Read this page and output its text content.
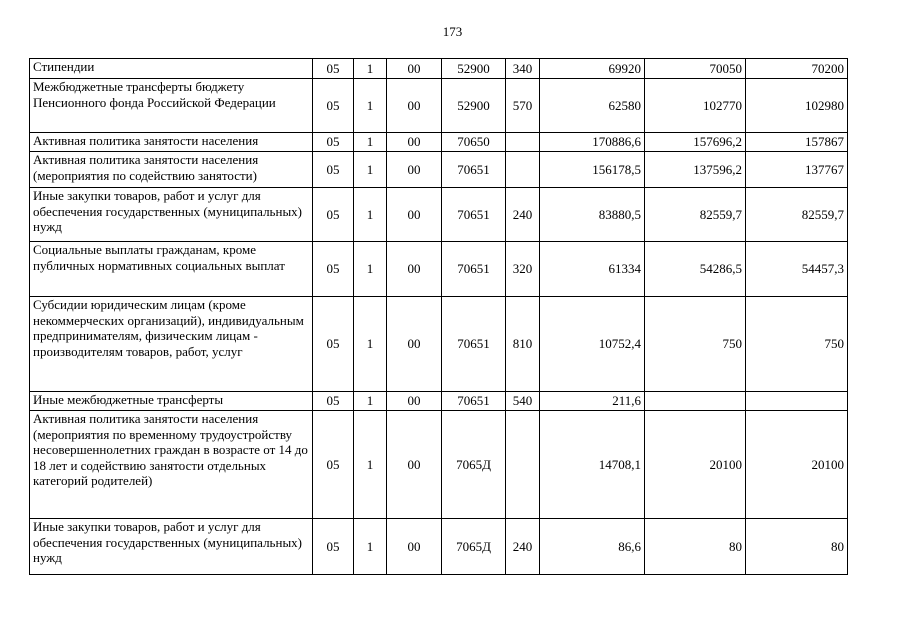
173
Стипендии	05	1	00	52900	340	69920	70050	70200
Межбюджетные трансферты бюджету Пенсионного фонда Российской Федерации	05	1	00	52900	570	62580	102770	102980
Активная политика занятости населения	05	1	00	70650		170886,6	157696,2	157867
Активная политика занятости населения (мероприятия по содействию занятости)	05	1	00	70651		156178,5	137596,2	137767
Иные закупки товаров, работ и услуг для обеспечения государственных (муниципальных) нужд	05	1	00	70651	240	83880,5	82559,7	82559,7
Социальные выплаты гражданам, кроме публичных нормативных социальных выплат	05	1	00	70651	320	61334	54286,5	54457,3
Субсидии юридическим лицам (кроме некоммерческих организаций), индивидуальным предпринимателям, физическим лицам - производителям товаров, работ, услуг	05	1	00	70651	810	10752,4	750	750
Иные межбюджетные трансферты	05	1	00	70651	540	211,6		
Активная политика занятости населения (мероприятия по временному трудоустройству несовершеннолетних граждан в возрасте от 14 до 18 лет и содействию занятости отдельных категорий родителей)	05	1	00	7065Д		14708,1	20100	20100
Иные закупки товаров, работ и услуг для обеспечения государственных (муниципальных) нужд	05	1	00	7065Д	240	86,6	80	80
